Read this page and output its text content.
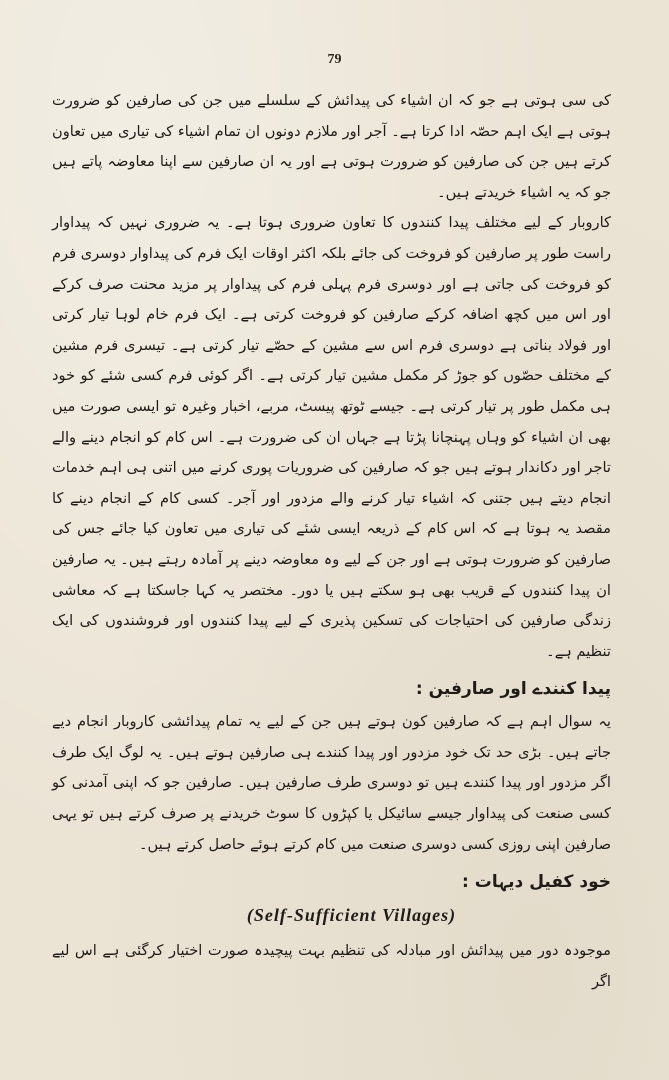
79

کی سی ہوتی ہے جو کہ ان اشیاء کی پیدائش کے سلسلے میں جن کی صارفین کو ضرورت ہوتی ہے ایک اہم حصّہ ادا کرتا ہے۔ آجر اور ملازم دونوں ان تمام اشیاء کی تیاری میں تعاون کرتے ہیں جن کی صارفین کو ضرورت ہوتی ہے اور یہ ان صارفین سے اپنا معاوضہ پاتے ہیں جو کہ یہ اشیاء خریدتے ہیں۔

کاروبار کے لیے مختلف پیدا کنندوں کا تعاون ضروری ہوتا ہے۔ یہ ضروری نہیں کہ پیداوار راست طور پر صارفین کو فروخت کی جائے بلکہ اکثر اوقات ایک فرم کی پیداوار دوسری فرم کو فروخت کی جاتی ہے اور دوسری فرم پہلی فرم کی پیداوار پر مزید محنت صرف کرکے اور اس میں کچھ اضافہ کرکے صارفین کو فروخت کرتی ہے۔ ایک فرم خام لوہا تیار کرتی اور فولاد بناتی ہے دوسری فرم اس سے مشین کے حصّے تیار کرتی ہے۔ تیسری فرم مشین کے مختلف حصّوں کو جوڑ کر مکمل مشین تیار کرتی ہے۔ اگر کوئی فرم کسی شئے کو خود ہی مکمل طور پر تیار کرتی ہے۔ جیسے ٹوتھ پیسٹ، مربے، اخبار وغیرہ تو ایسی صورت میں بھی ان اشیاء کو وہاں پہنچانا پڑتا ہے جہاں ان کی ضرورت ہے۔ اس کام کو انجام دینے والے تاجر اور دکاندار ہوتے ہیں جو کہ صارفین کی ضروریات پوری کرنے میں اتنی ہی اہم خدمات انجام دیتے ہیں جتنی کہ اشیاء تیار کرنے والے مزدور اور آجر۔ کسی کام کے انجام دینے کا مقصد یہ ہوتا ہے کہ اس کام کے ذریعہ ایسی شئے کی تیاری میں تعاون کیا جائے جس کی صارفین کو ضرورت ہوتی ہے اور جن کے لیے وہ معاوضہ دینے پر آمادہ رہتے ہیں۔ یہ صارفین ان پیدا کنندوں کے قریب بھی ہو سکتے ہیں یا دور۔ مختصر یہ کہا جاسکتا ہے کہ معاشی زندگی صارفین کی احتیاجات کی تسکین پذیری کے لیے پیدا کنندوں اور فروشندوں کی ایک تنظیم ہے۔

پیدا کنندے اور صارفین :

یہ سوال اہم ہے کہ صارفین کون ہوتے ہیں جن کے لیے یہ تمام پیدائشی کاروبار انجام دیے جاتے ہیں۔ بڑی حد تک خود مزدور اور پیدا کنندے ہی صارفین ہوتے ہیں۔ یہ لوگ ایک طرف اگر مزدور اور پیدا کنندے ہیں تو دوسری طرف صارفین ہیں۔ صارفین جو کہ اپنی آمدنی کو کسی صنعت کی پیداوار جیسے سائیکل یا کپڑوں کا سوٹ خریدنے پر صرف کرتے ہیں تو یہی صارفین اپنی روزی کسی دوسری صنعت میں کام کرتے ہوئے حاصل کرتے ہیں۔

خود کفیل دیہات :
(Self-Sufficient Villages)

موجودہ دور میں پیدائش اور مبادلہ کی تنظیم بہت پیچیدہ صورت اختیار کرگئی ہے اس لیے اگر
